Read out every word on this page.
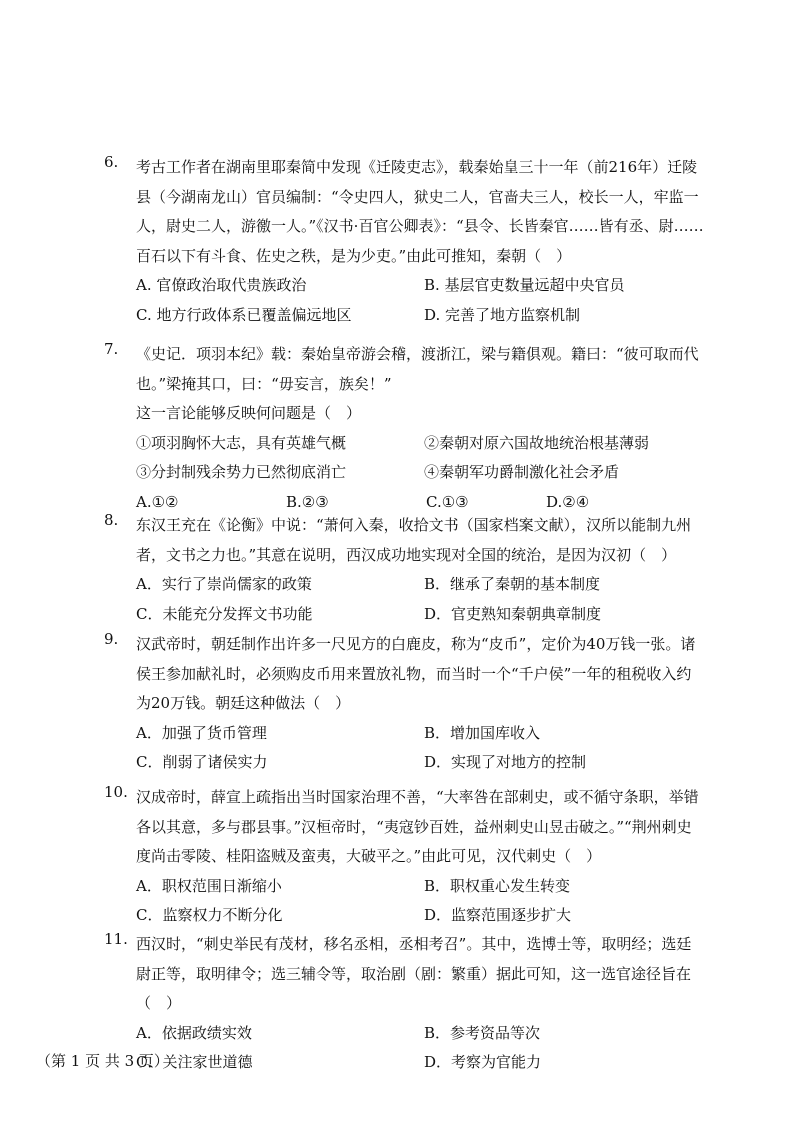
6.	考古工作者在湖南里耶秦简中发现《迁陵吏志》，载秦始皇三十一年（前216年）迁陵县（今湖南龙山）官员编制：“令史四人，狱史二人，官啬夫三人，校长一人，牢监一人，尉史二人，游徼一人。”《汉书·百官公卿表》：“县令、长皆秦官……皆有丞、尉……百石以下有斗食、佐史之秩，是为少吏。”由此可推知，秦朝（　）
A. 官僚政治取代贵族政治	B. 基层官吏数量远超中央官员
C. 地方行政体系已覆盖偏远地区	D. 完善了地方监察机制
7.	《史记．项羽本纪》载：秦始皇帝游会稽，渡浙江，梁与籍俱观。籍曰：“彼可取而代也。”梁掩其口，曰：“毋妄言，族矣！”
这一言论能够反映何问题是（　）
①项羽胸怀大志，具有英雄气概	②秦朝对原六国故地统治根基薄弱
③分封制残余势力已然彻底消亡	④秦朝军功爵制激化社会矛盾
A.①②	B.②③	C.①③	D.②④
8.	东汉王充在《论衡》中说：“萧何入秦，收拾文书（国家档案文献），汉所以能制九州者，文书之力也。”其意在说明，西汉成功地实现对全国的统治，是因为汉初（　）
A．实行了崇尚儒家的政策	B．继承了秦朝的基本制度
C．未能充分发挥文书功能	D．官吏熟知秦朝典章制度
9.	汉武帝时，朝廷制作出许多一尺见方的白鹿皮，称为“皮币”，定价为40万钱一张。诸侯王参加献礼时，必须购皮币用来置放礼物，而当时一个“千户侯”一年的租税收入约为20万钱。朝廷这种做法（　）
A．加强了货币管理	B．增加国库收入
C．削弱了诸侯实力	D．实现了对地方的控制
10. 汉成帝时，薛宣上疏指出当时国家治理不善，“大率咎在部刺史，或不循守条职，举错各以其意，多与郡县事。”汉桓帝时，“夷寇钞百姓，益州刺史山昱击破之。”“荆州刺史度尚击零陵、桂阳盗贼及蛮夷，大破平之。”由此可见，汉代刺史（　）
A．职权范围日渐缩小	B．职权重心发生转变
C．监察权力不断分化	D．监察范围逐步扩大
11. 西汉时，“刺史举民有茂材，移名丞相，丞相考召”。其中，选博士等，取明经；选廷尉正等，取明律令；选三辅令等，取治剧（剧：繁重）据此可知，这一选官途径旨在（　）
A．依据政绩实效	B．参考资品等次
C．关注家世道德	D．考察为官能力
（第 1 页 共 3 页）
